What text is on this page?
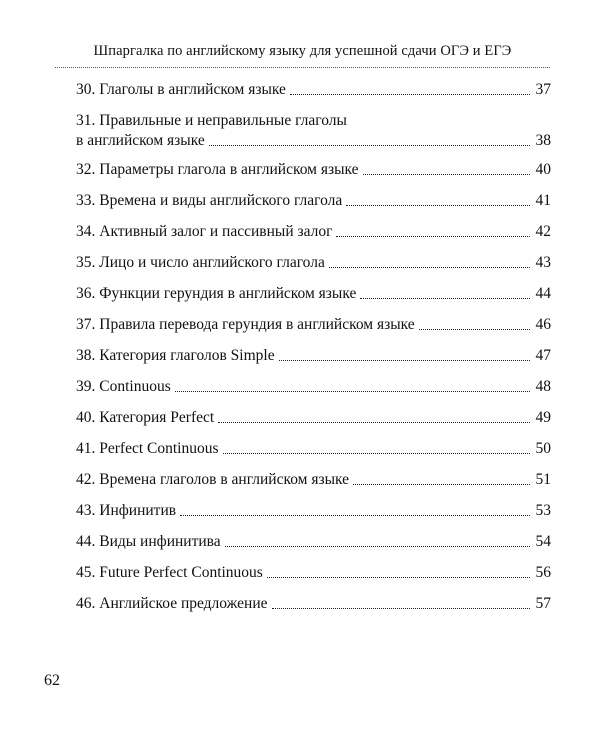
Шпаргалка по английскому языку для успешной сдачи ОГЭ и ЕГЭ
30. Глаголы в английском языке	37
31. Правильные и неправильные глаголы
в английском языке	38
32. Параметры глагола в английском языке	40
33. Времена и виды английского глагола	41
34. Активный залог и пассивный залог	42
35. Лицо и число английского глагола	43
36. Функции герундия в английском языке	44
37. Правила перевода герундия в английском языке	46
38. Категория глаголов Simple	47
39. Continuous	48
40. Категория Perfect	49
41. Perfect Continuous	50
42. Времена глаголов в английском языке	51
43. Инфинитив	53
44. Виды инфинитива	54
45. Future Perfect Continuous	56
46. Английское предложение	57
62
